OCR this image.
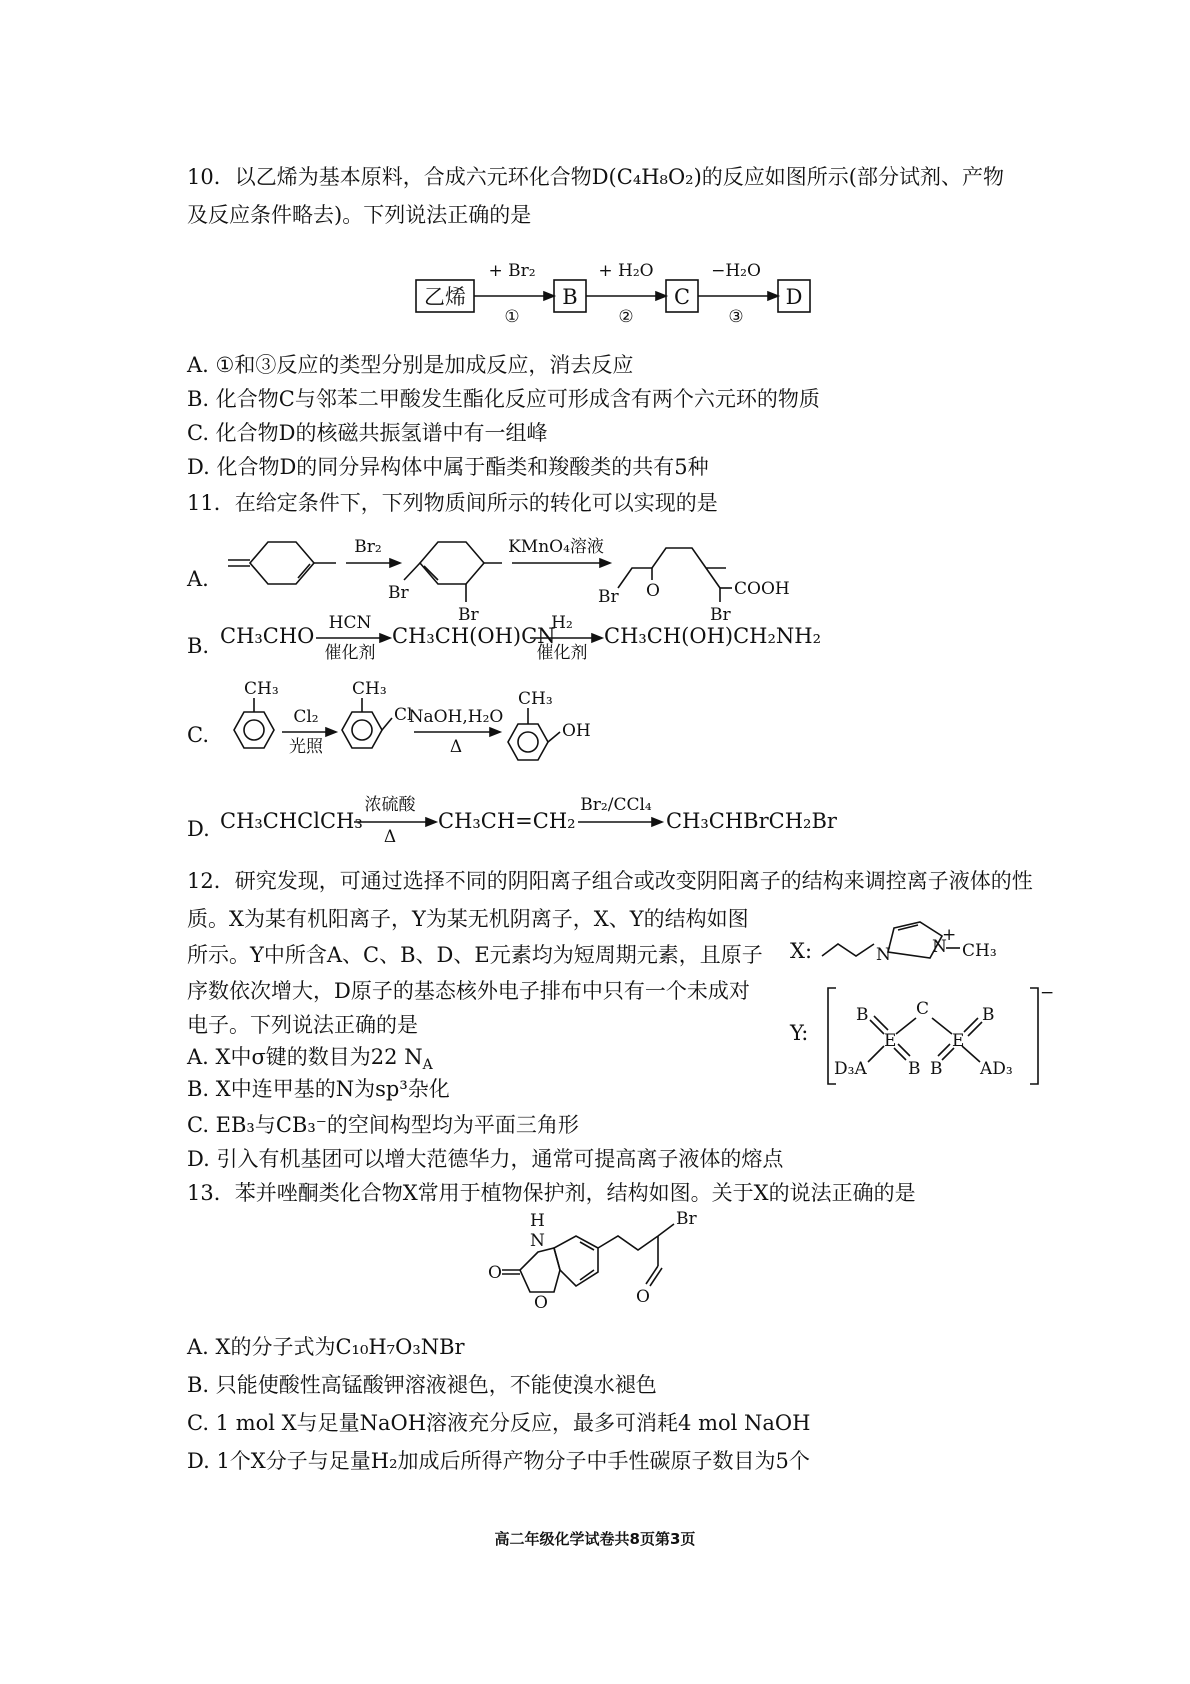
10．以乙烯为基本原料，合成六元环化合物D(C₄H₈O₂)的反应如图所示(部分试剂、产物
及反应条件略去)。下列说法正确的是
乙烯
+ Br₂
①
B
+ H₂O
②
C
−H₂O
③
D
A. ①和③反应的类型分别是加成反应，消去反应
B. 化合物C与邻苯二甲酸发生酯化反应可形成含有两个六元环的物质
C. 化合物D的核磁共振氢谱中有一组峰
D. 化合物D的同分异构体中属于酯类和羧酸类的共有5种
11．在给定条件下，下列物质间所示的转化可以实现的是
A.
Br₂
Br
Br
KMnO₄溶液
O
Br	COOH
Br
B. CH₃CHO
HCN
催化剂
CH₃CH(OH)CN
H₂
催化剂
CH₃CH(OH)CH₂NH₂
C.
CH₃
Cl₂
光照
CH₃
Cl
NaOH,H₂O
Δ
CH₃
OH
D. CH₃CHClCH₃
浓硫酸
Δ
CH₃CH=CH₂
Br₂/CCl₄
CH₃CHBrCH₂Br
12．研究发现，可通过选择不同的阴阳离子组合或改变阴阳离子的结构来调控离子液体的性
质。X为某有机阳离子，Y为某无机阴离子，X、Y的结构如图
所示。Y中所含A、C、B、D、E元素均为短周期元素，且原子
序数依次增大，D原子的基态核外电子排布中只有一个未成对
电子。下列说法正确的是
A. X中σ键的数目为22 $N_A$
B. X中连甲基的N为sp³杂化
C. EB₃与CB₃⁻的空间构型均为平面三角形
D. 引入有机基团可以增大范德华力，通常可提高离子液体的熔点
X:	N N
+
CH₃
Y:
−
B
E
C
E
B
D₃A B B AD₃
13．苯并唑酮类化合物X常用于植物保护剂，结构如图。关于X的说法正确的是
H
N
O
O
Br
O
A. X的分子式为C₁₀H₇O₃NBr
B. 只能使酸性高锰酸钾溶液褪色，不能使溴水褪色
C. 1 mol X与足量NaOH溶液充分反应，最多可消耗4 mol NaOH
D. 1个X分子与足量H₂加成后所得产物分子中手性碳原子数目为5个
高二年级化学试卷共8页第3页
